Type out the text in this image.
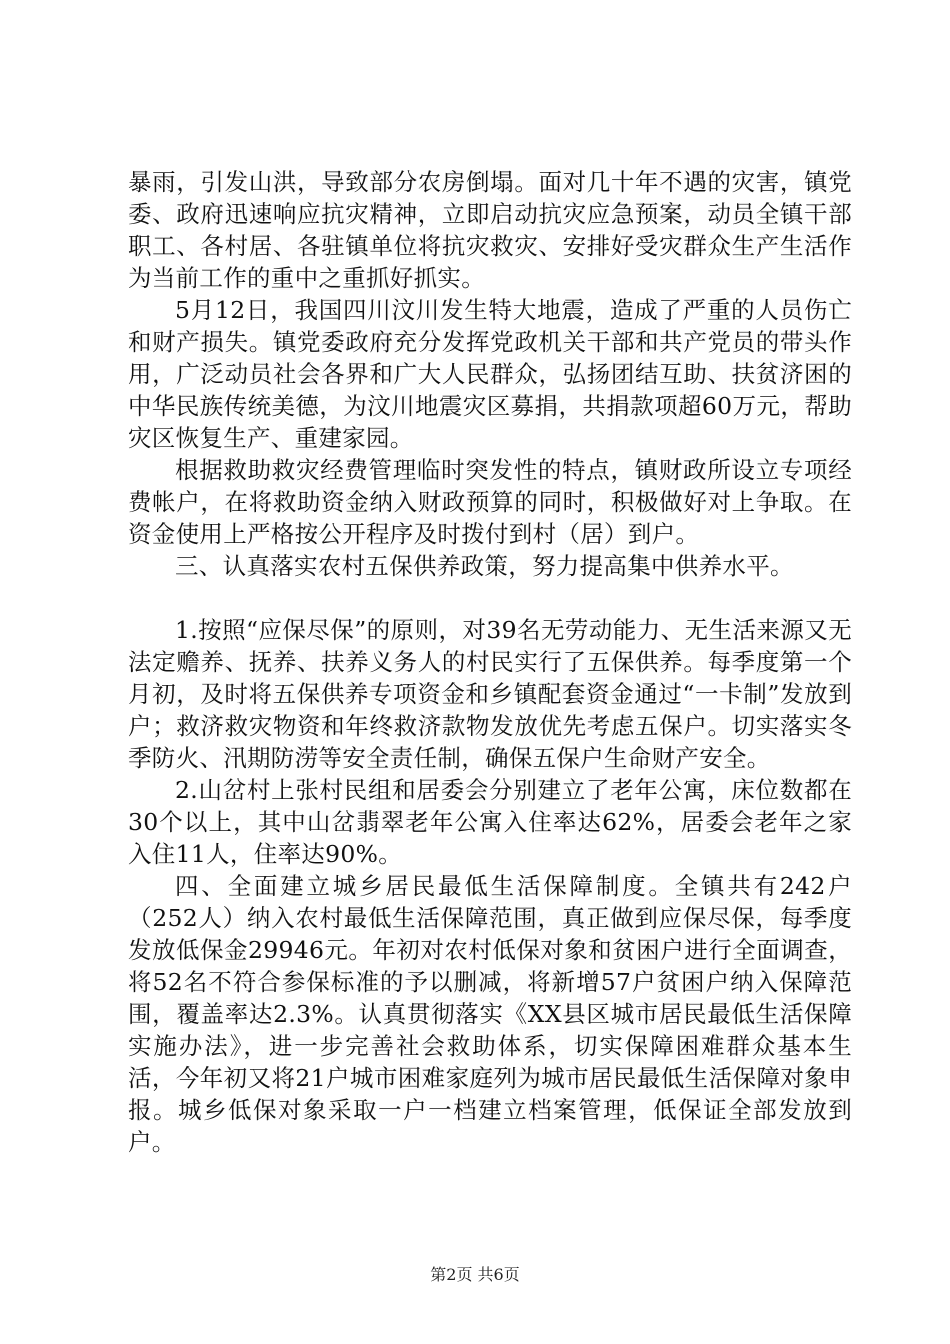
暴雨，引发山洪，导致部分农房倒塌。面对几十年不遇的灾害，镇党委、政府迅速响应抗灾精神，立即启动抗灾应急预案，动员全镇干部职工、各村居、各驻镇单位将抗灾救灾、安排好受灾群众生产生活作为当前工作的重中之重抓好抓实。

5月12日，我国四川汶川发生特大地震，造成了严重的人员伤亡和财产损失。镇党委政府充分发挥党政机关干部和共产党员的带头作用，广泛动员社会各界和广大人民群众，弘扬团结互助、扶贫济困的中华民族传统美德，为汶川地震灾区募捐，共捐款项超60万元，帮助灾区恢复生产、重建家园。

根据救助救灾经费管理临时突发性的特点，镇财政所设立专项经费帐户，在将救助资金纳入财政预算的同时，积极做好对上争取。在资金使用上严格按公开程序及时拨付到村（居）到户。

三、认真落实农村五保供养政策，努力提高集中供养水平。

1.按照“应保尽保”的原则，对39名无劳动能力、无生活来源又无法定赡养、抚养、扶养义务人的村民实行了五保供养。每季度第一个月初，及时将五保供养专项资金和乡镇配套资金通过“一卡制”发放到户；救济救灾物资和年终救济款物发放优先考虑五保户。切实落实冬季防火、汛期防涝等安全责任制，确保五保户生命财产安全。

2.山岔村上张村民组和居委会分别建立了老年公寓，床位数都在30个以上，其中山岔翡翠老年公寓入住率达62%，居委会老年之家入住11人，住率达90%。

四、全面建立城乡居民最低生活保障制度。全镇共有242户（252人）纳入农村最低生活保障范围，真正做到应保尽保，每季度发放低保金29946元。年初对农村低保对象和贫困户进行全面调查，将52名不符合参保标准的予以删减，将新增57户贫困户纳入保障范围，覆盖率达2.3%。认真贯彻落实《XX县区城市居民最低生活保障实施办法》，进一步完善社会救助体系，切实保障困难群众基本生活，今年初又将21户城市困难家庭列为城市居民最低生活保障对象申报。城乡低保对象采取一户一档建立档案管理，低保证全部发放到户。

第2页 共6页
